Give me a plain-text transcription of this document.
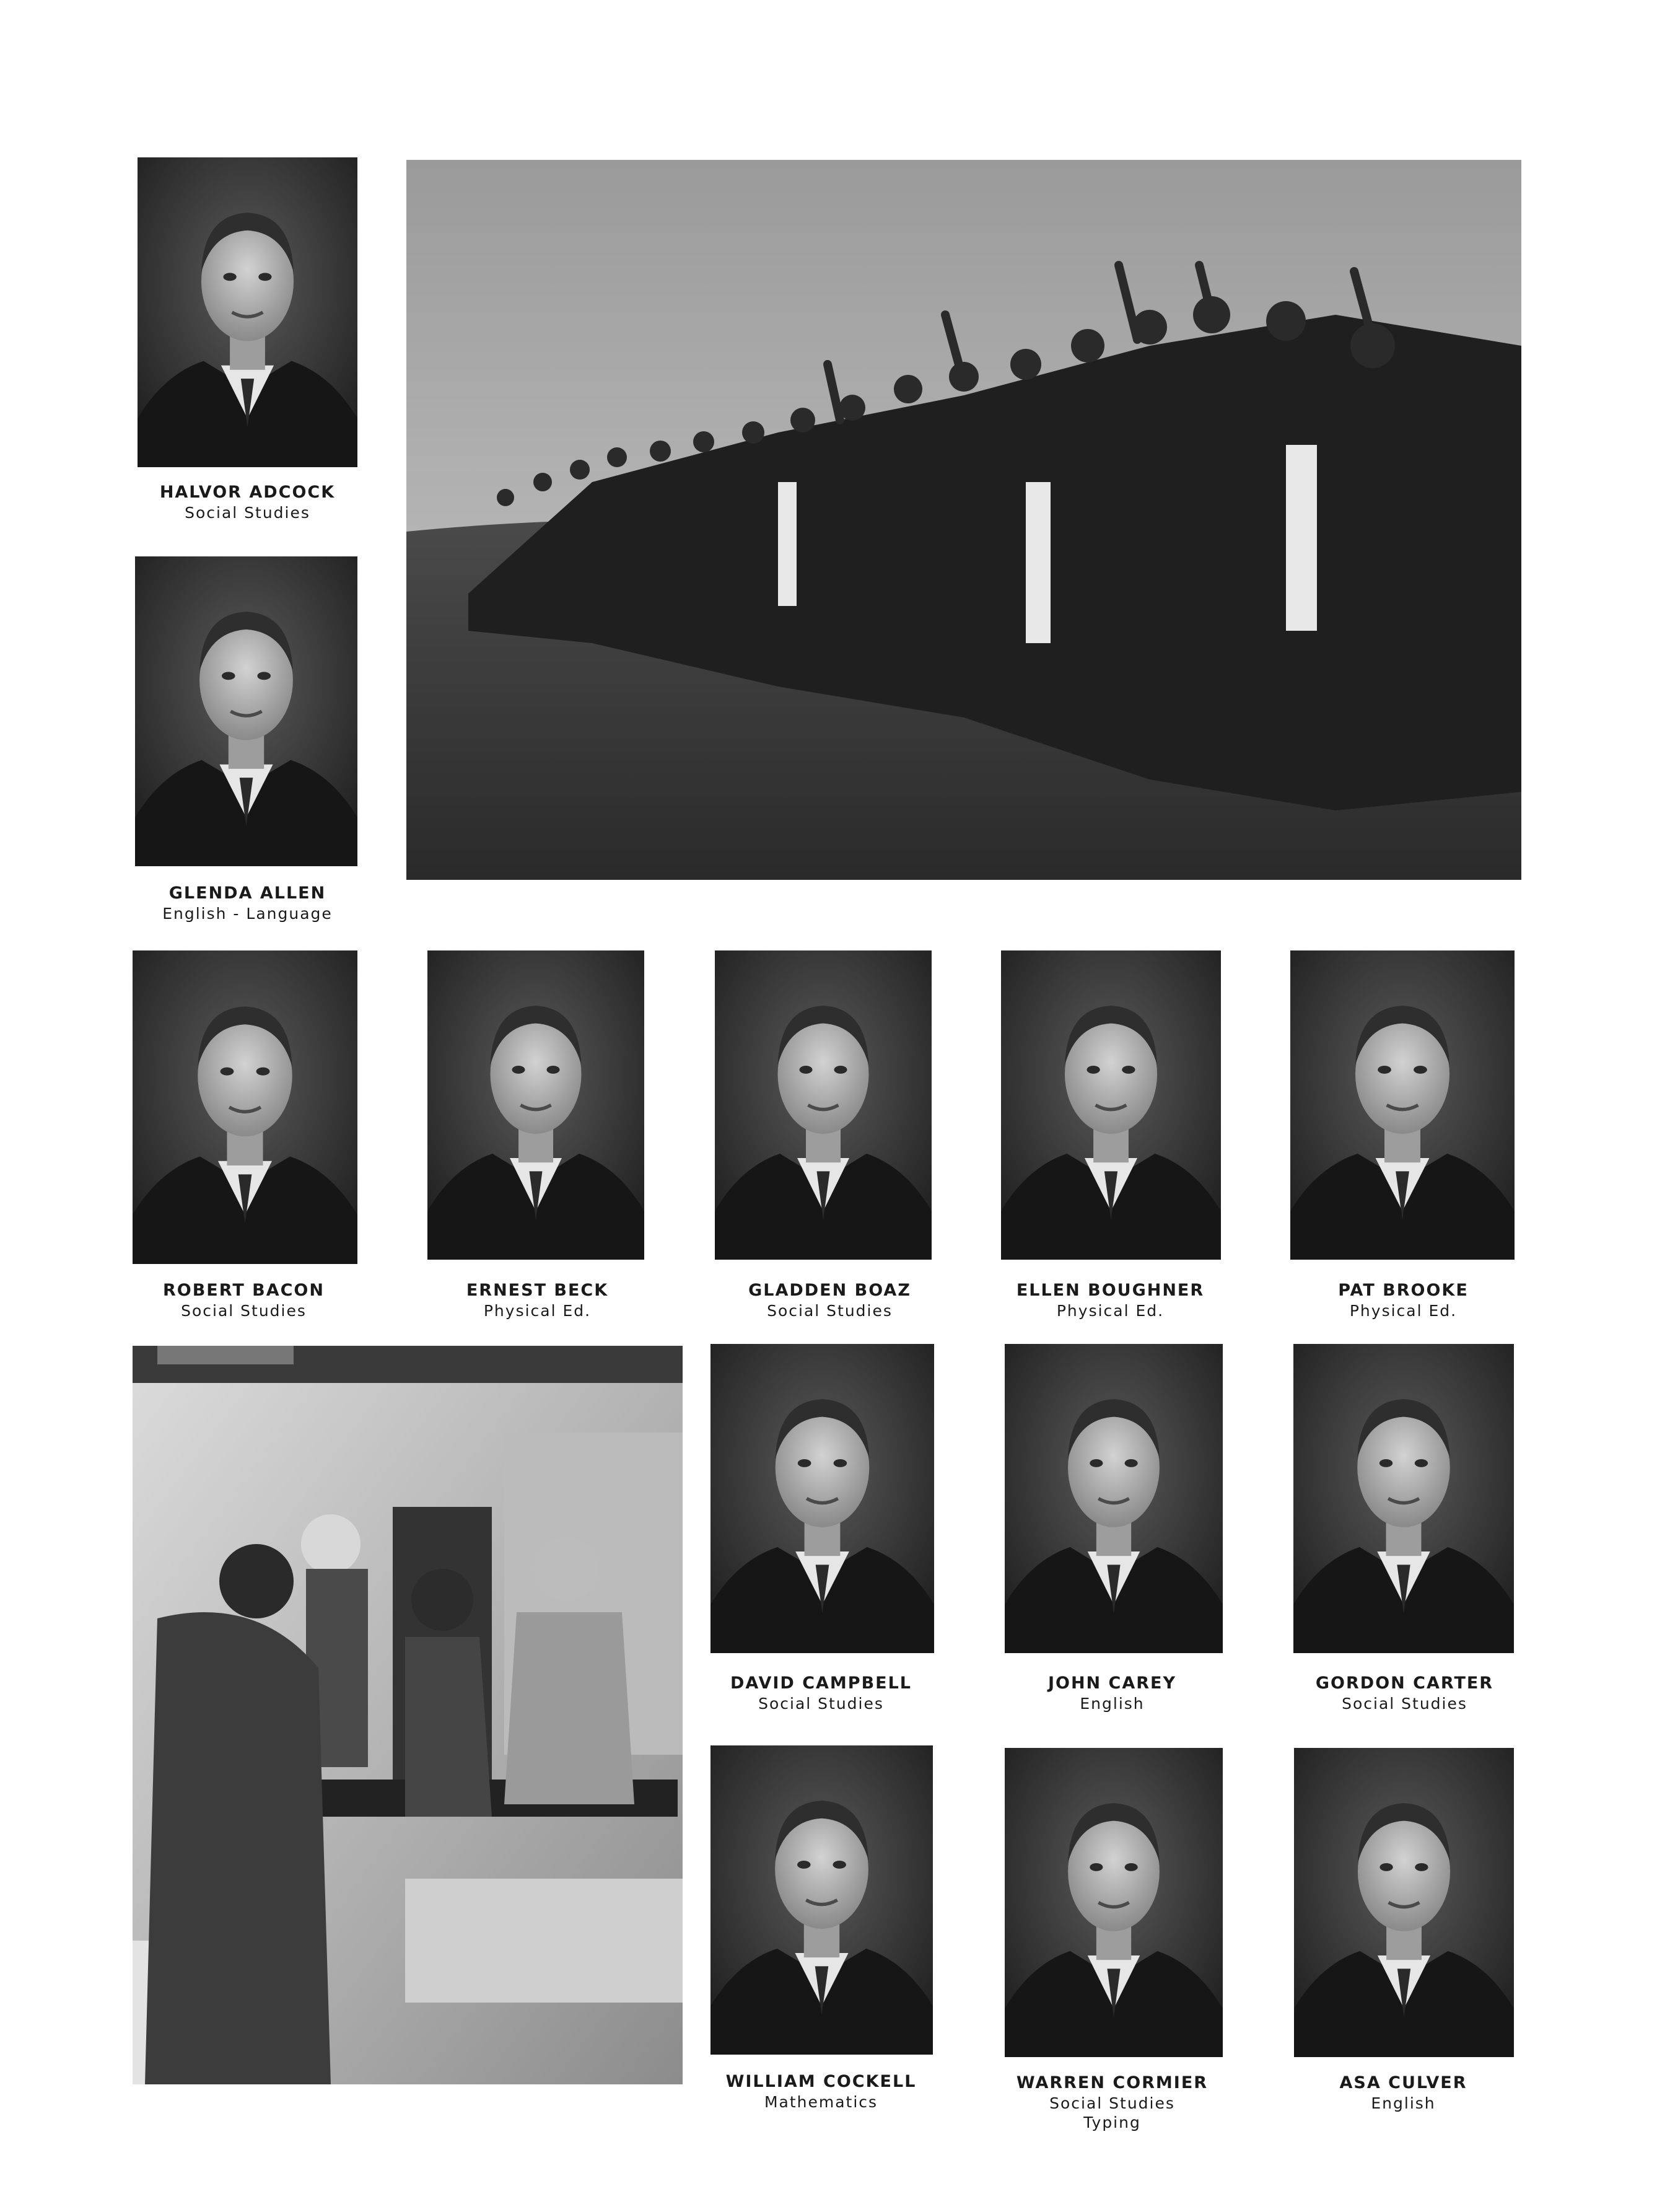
HALVOR ADCOCK
Social Studies
GLENDA ALLEN
English - Language
ROBERT BACON
Social Studies
ERNEST BECK
Physical Ed.
GLADDEN BOAZ
Social Studies
ELLEN BOUGHNER
Physical Ed.
PAT BROOKE
Physical Ed.
DAVID CAMPBELL
Social Studies
JOHN CAREY
English
GORDON CARTER
Social Studies
WILLIAM COCKELL
Mathematics
WARREN CORMIER
Social Studies
Typing
ASA CULVER
English
